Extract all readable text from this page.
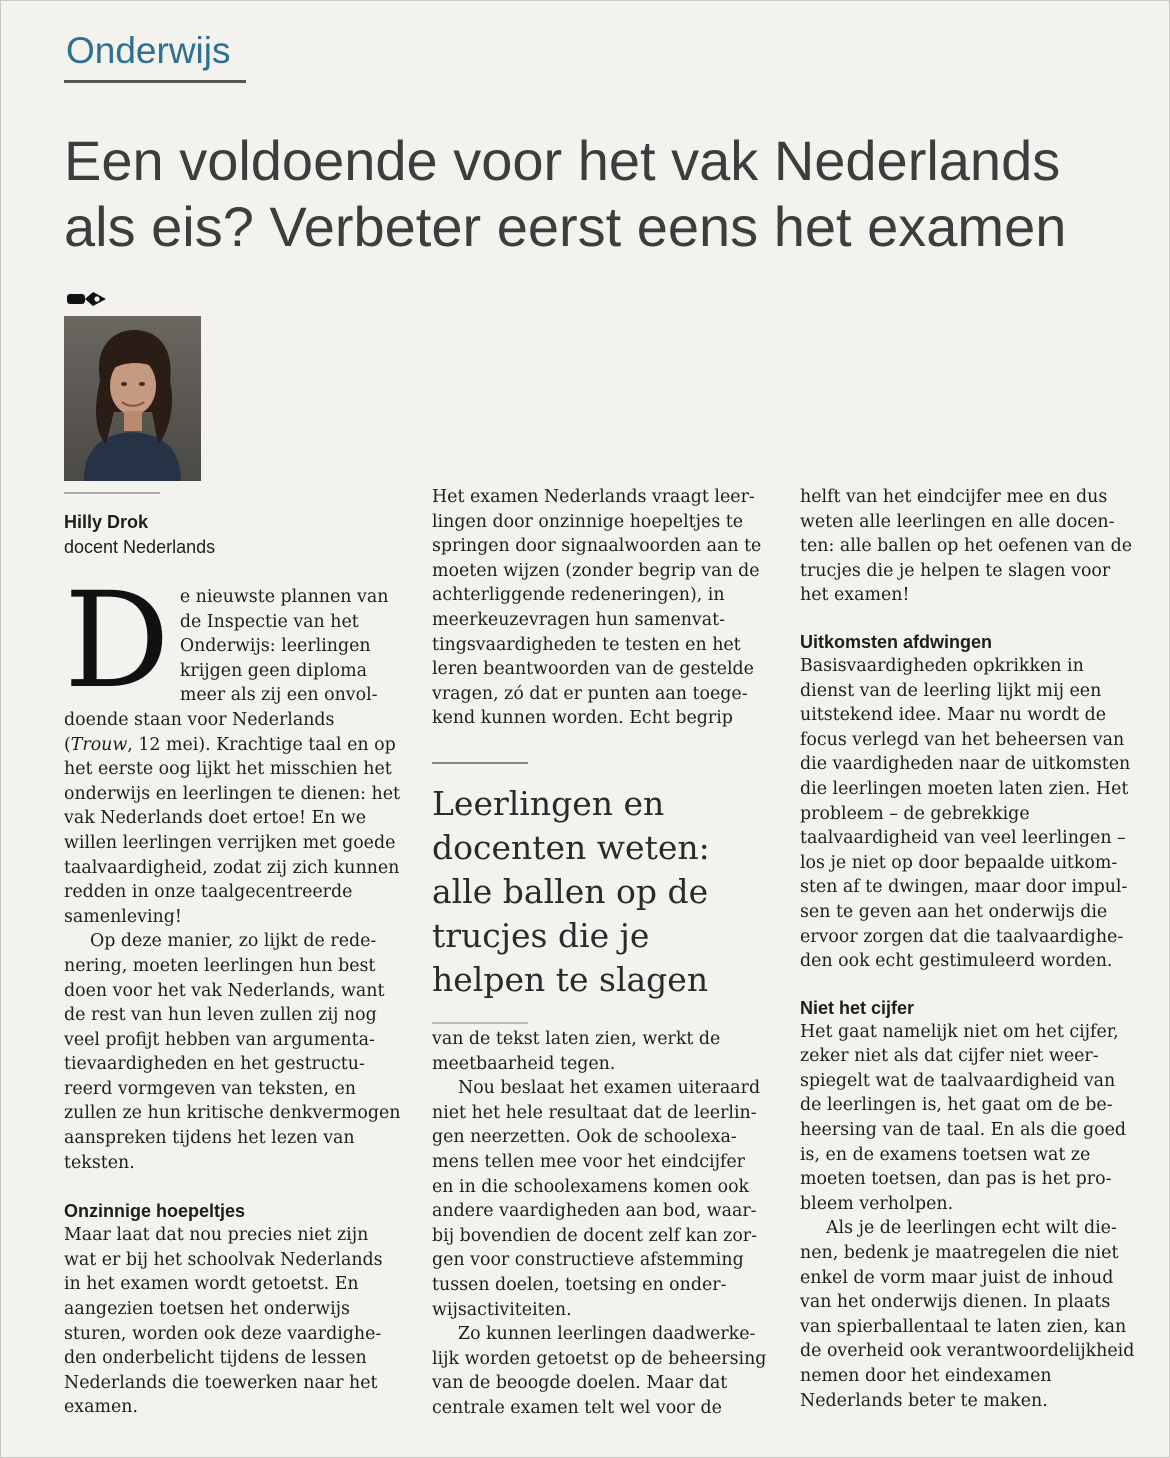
Onderwijs
Een voldoende voor het vak Nederlands als eis? Verbeter eerst eens het examen

Hilly Drok

docent Nederlands

D e nieuwste plannen van de Inspectie van het Onderwijs: leerlingen krijgen geen diploma meer als zij een onvoldoende staan voor Nederlands (Trouw, 12 mei). Krachtige taal en op het eerste oog lijkt het misschien het onderwijs en leerlingen te dienen: het vak Nederlands doet ertoe! En we willen leerlingen verrijken met goede taalvaardigheid, zodat zij zich kunnen redden in onze taalgecentreerde samenleving!

Op deze manier, zo lijkt de redenering, moeten leerlingen hun best doen voor het vak Nederlands, want de rest van hun leven zullen zij nog veel profijt hebben van argumentatievaardigheden en het gestructureerd vormgeven van teksten, en zullen ze hun kritische denkvermogen aanspreken tijdens het lezen van teksten.

Onzinnige hoepeltjes

Maar laat dat nou precies niet zijn wat er bij het schoolvak Nederlands in het examen wordt getoetst. En aangezien toetsen het onderwijs sturen, worden ook deze vaardigheden onderbelicht tijdens de lessen Nederlands die toewerken naar het examen.

Het examen Nederlands vraagt leerlingen door onzinnige hoepeltjes te springen door signaalwoorden aan te moeten wijzen (zonder begrip van de achterliggende redeneringen), in meerkeuzevragen hun samenvattingsvaardigheden te testen en het leren beantwoorden van de gestelde vragen, zó dat er punten aan toegekend kunnen worden. Echt begrip

Leerlingen en docenten weten: alle ballen op de trucjes die je helpen te slagen

van de tekst laten zien, werkt de meetbaarheid tegen.

Nou beslaat het examen uiteraard niet het hele resultaat dat de leerlingen neerzetten. Ook de schoolexamens tellen mee voor het eindcijfer en in die schoolexamens komen ook andere vaardigheden aan bod, waarbij bovendien de docent zelf kan zorgen voor constructieve afstemming tussen doelen, toetsing en onderwijsactiviteiten.

Zo kunnen leerlingen daadwerkelijk worden getoetst op de beheersing van de beoogde doelen. Maar dat centrale examen telt wel voor de

helft van het eindcijfer mee en dus weten alle leerlingen en alle docenten: alle ballen op het oefenen van de trucjes die je helpen te slagen voor het examen!

Uitkomsten afdwingen

Basisvaardigheden opkrikken in dienst van de leerling lijkt mij een uitstekend idee. Maar nu wordt de focus verlegd van het beheersen van die vaardigheden naar de uitkomsten die leerlingen moeten laten zien. Het probleem – de gebrekkige taalvaardigheid van veel leerlingen – los je niet op door bepaalde uitkomsten af te dwingen, maar door impulsen te geven aan het onderwijs die ervoor zorgen dat die taalvaardigheden ook echt gestimuleerd worden.

Niet het cijfer

Het gaat namelijk niet om het cijfer, zeker niet als dat cijfer niet weerspiegelt wat de taalvaardigheid van de leerlingen is, het gaat om de beheersing van de taal. En als die goed is, en de examens toetsen wat ze moeten toetsen, dan pas is het probleem verholpen.

Als je de leerlingen echt wilt dienen, bedenk je maatregelen die niet enkel de vorm maar juist de inhoud van het onderwijs dienen. In plaats van spierballentaal te laten zien, kan de overheid ook verantwoordelijkheid nemen door het eindexamen Nederlands beter te maken.
